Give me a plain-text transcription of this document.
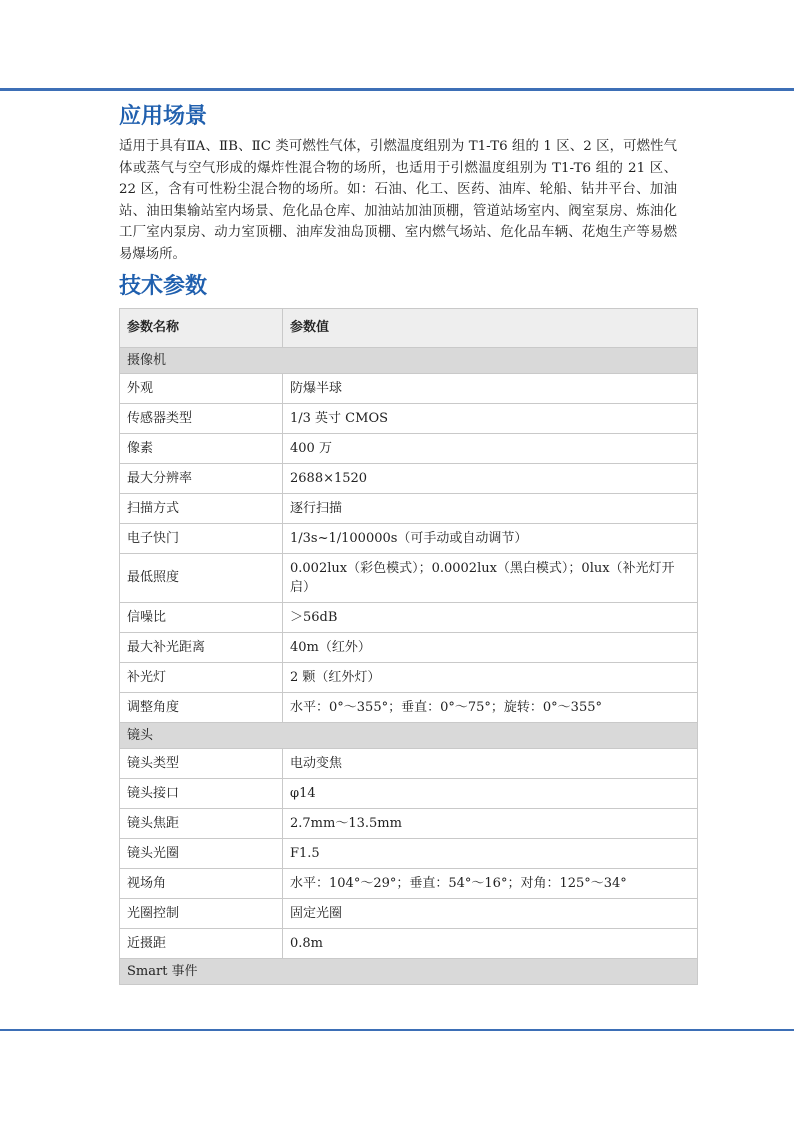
应用场景

适用于具有ⅡA、ⅡB、ⅡC 类可燃性气体，引燃温度组别为 T1-T6 组的 1 区、2 区，可燃性气体或蒸气与空气形成的爆炸性混合物的场所，也适用于引燃温度组别为 T1-T6 组的 21 区、22 区，含有可性粉尘混合物的场所。如：石油、化工、医药、油库、轮船、钻井平台、加油站、油田集输站室内场景、危化品仓库、加油站加油顶棚，管道站场室内、阀室泵房、炼油化工厂室内泵房、动力室顶棚、油库发油岛顶棚、室内燃气场站、危化品车辆、花炮生产等易燃易爆场所。

技术参数
参数名称	参数值
摄像机	
外观	防爆半球
传感器类型	1/3 英寸 CMOS
像素	400 万
最大分辨率	2688×1520
扫描方式	逐行扫描
电子快门	1/3s~1/100000s（可手动或自动调节）
最低照度	0.002lux（彩色模式）；0.0002lux（黑白模式）；0lux（补光灯开启）
信噪比	＞56dB
最大补光距离	40m（红外）
补光灯	2 颗（红外灯）
调整角度	水平：0°～355°；垂直：0°～75°；旋转：0°～355°
镜头	
镜头类型	电动变焦
镜头接口	φ14
镜头焦距	2.7mm～13.5mm
镜头光圈	F1.5
视场角	水平：104°～29°；垂直：54°～16°；对角：125°～34°
光圈控制	固定光圈
近摄距	0.8m
Smart 事件	
